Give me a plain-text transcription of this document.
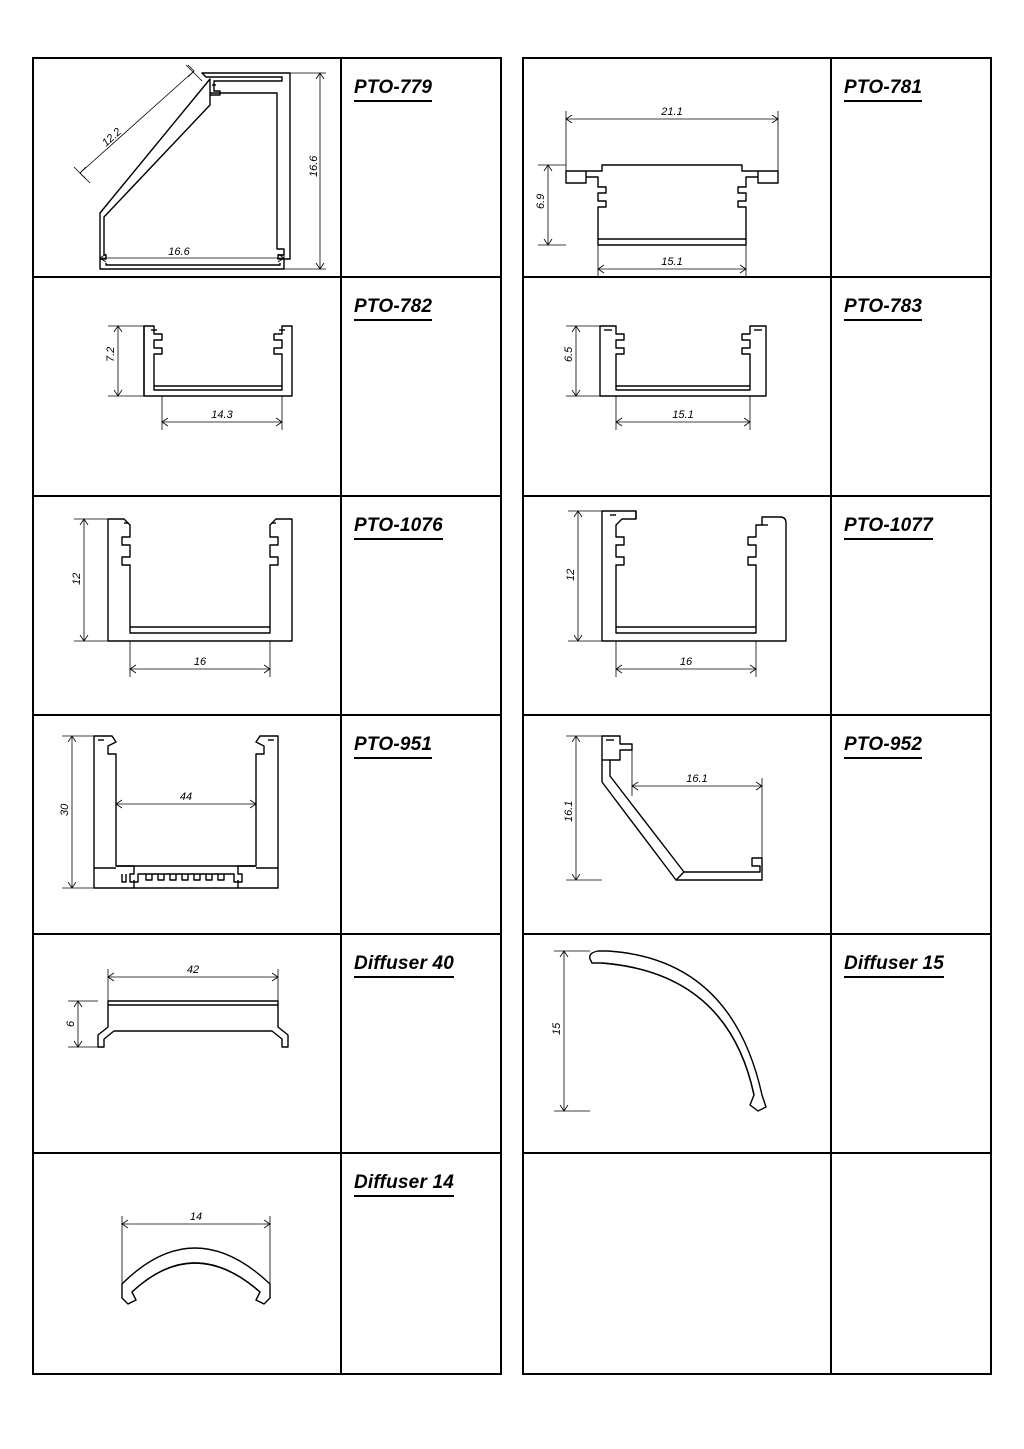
12.2
16.6
16.6
PTO-779
7.2
14.3
PTO-782
12
16
PTO-1076
30
44
PTO-951
42
6
Diffuser 40
14
Diffuser 14
21.1
6.9
15.1
PTO-781
6.5
15.1
PTO-783
12
16
PTO-1077
16.1
16.1
PTO-952
15
Diffuser 15
